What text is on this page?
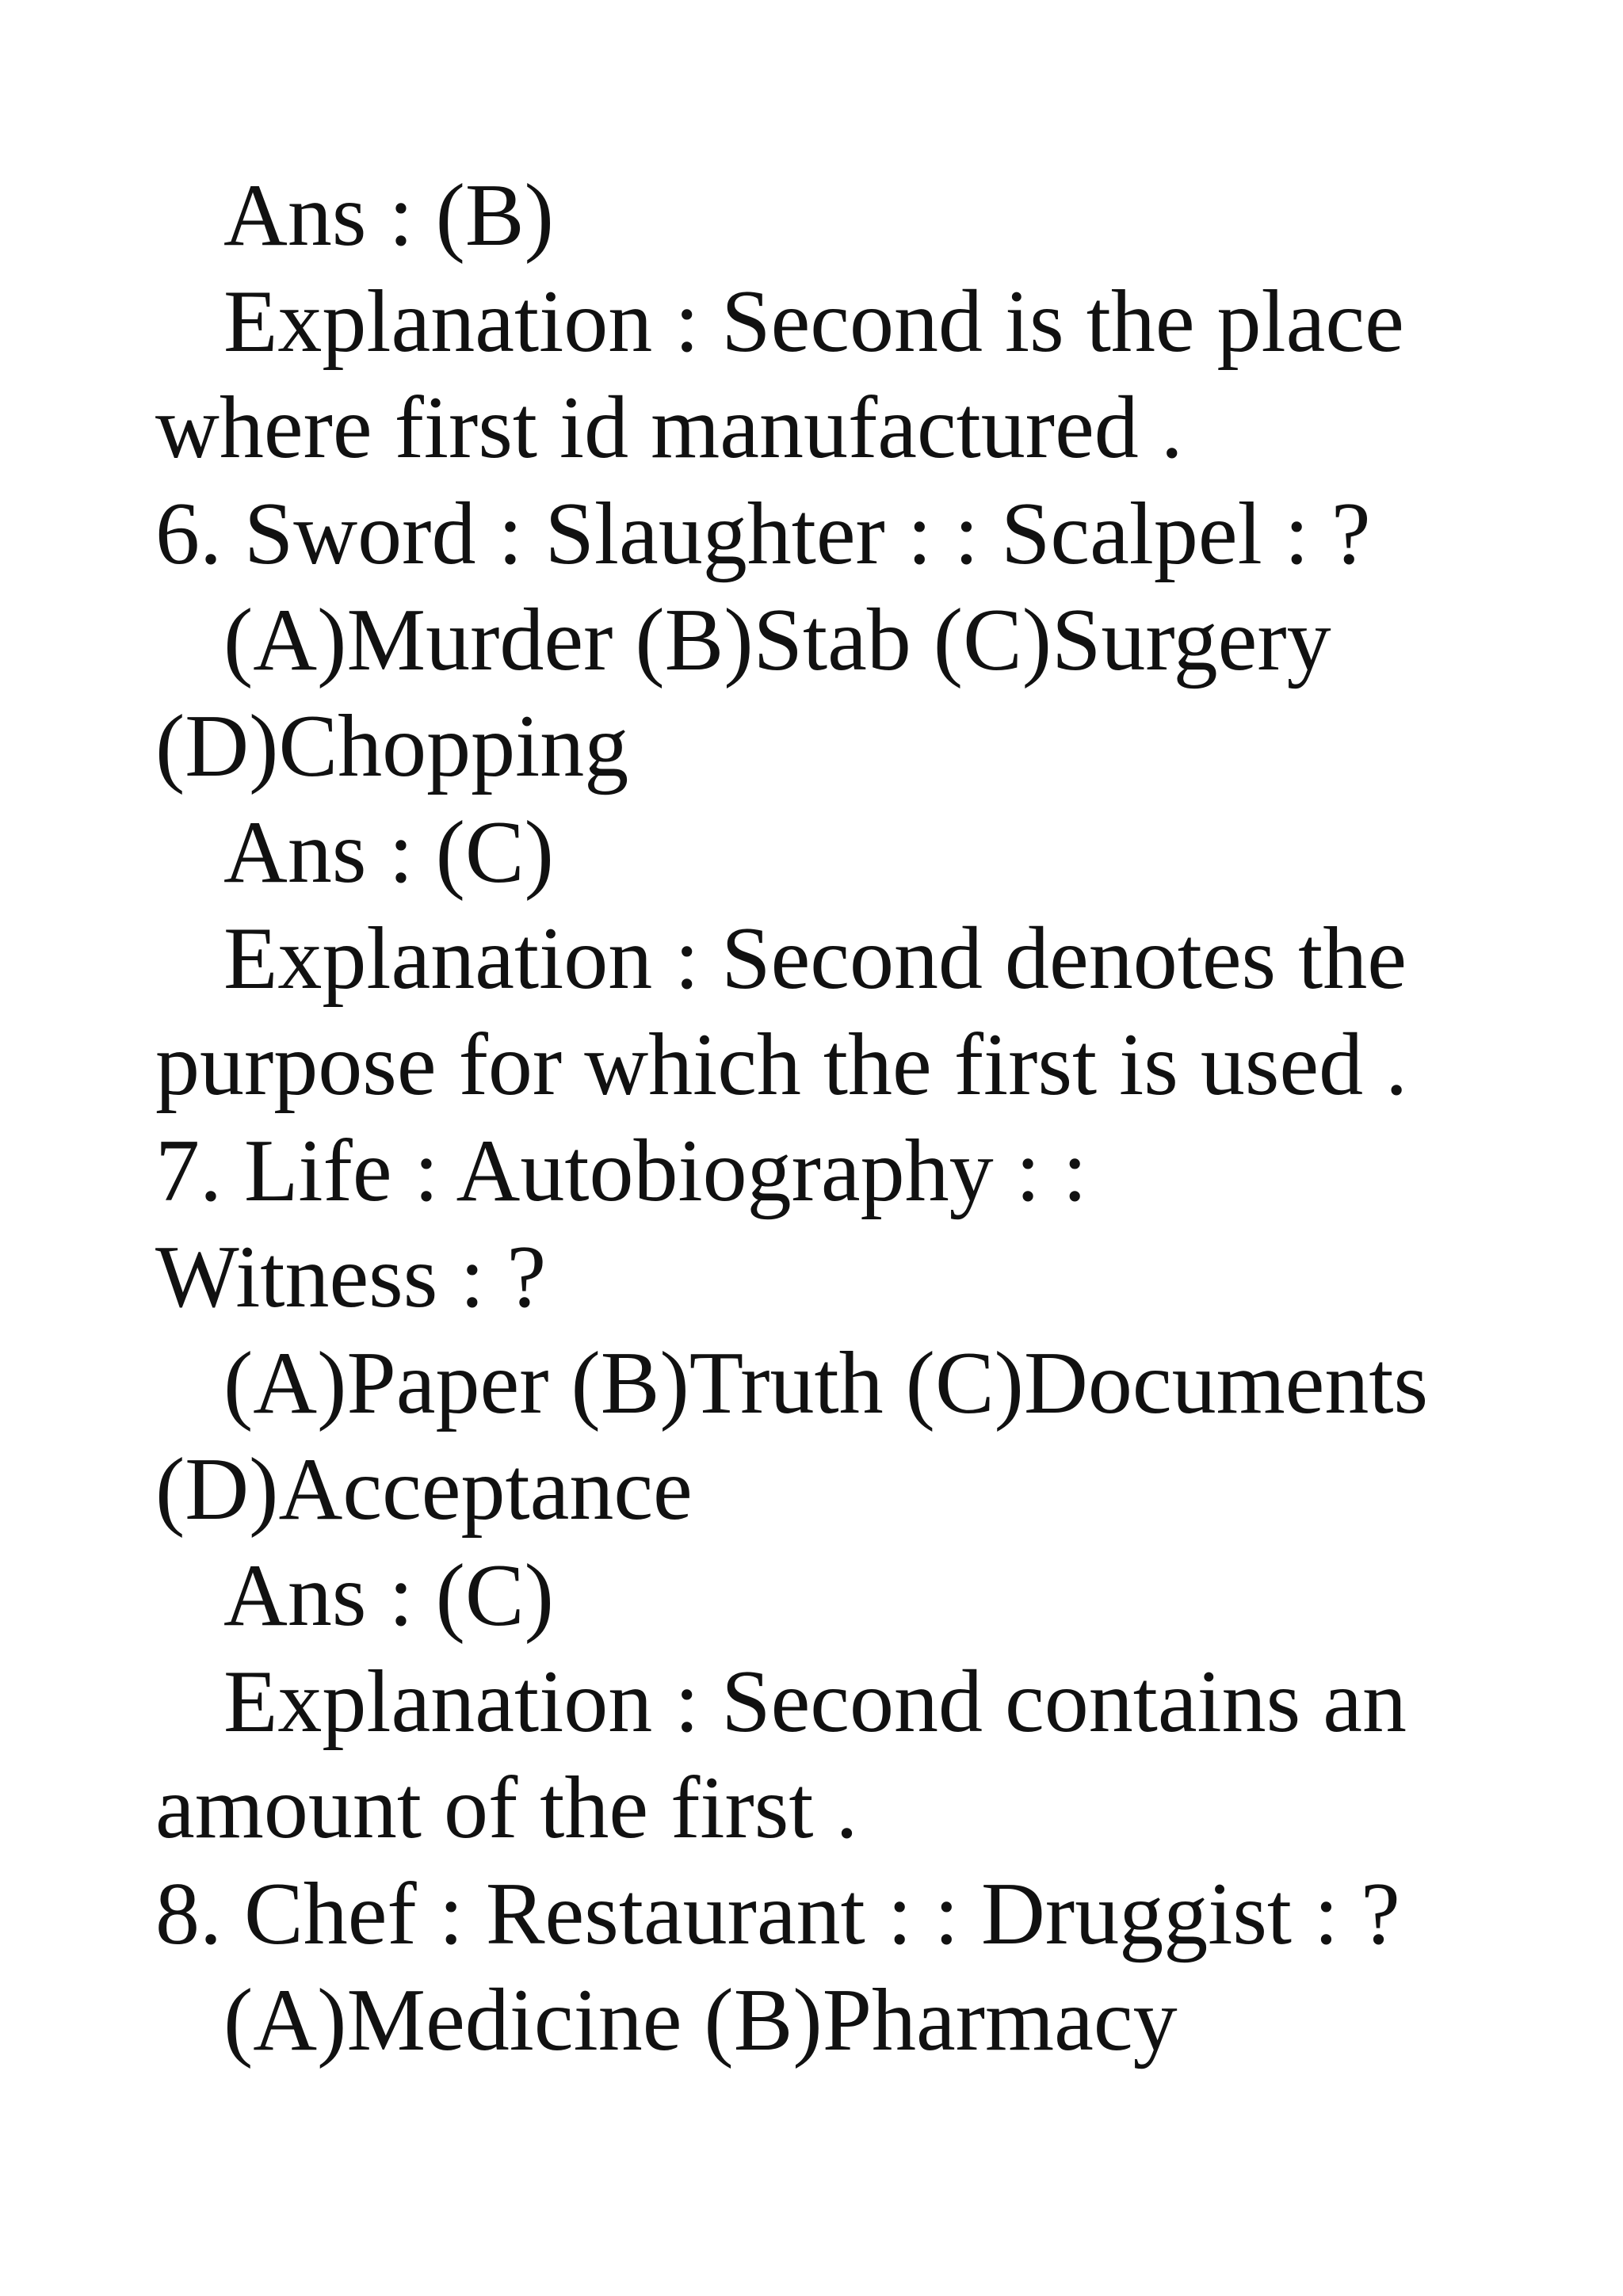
Ans : (B)
Explanation : Second is the place
where first id manufactured .
6. Sword : Slaughter : : Scalpel : ?
(A)Murder (B)Stab (C)Surgery
(D)Chopping
Ans : (C)
Explanation : Second denotes the
purpose for which the first is used .
7. Life : Autobiography : :
Witness : ?
(A)Paper (B)Truth (C)Documents
(D)Acceptance
Ans : (C)
Explanation : Second contains an
amount of the first .
8. Chef : Restaurant : : Druggist : ?
(A)Medicine (B)Pharmacy
